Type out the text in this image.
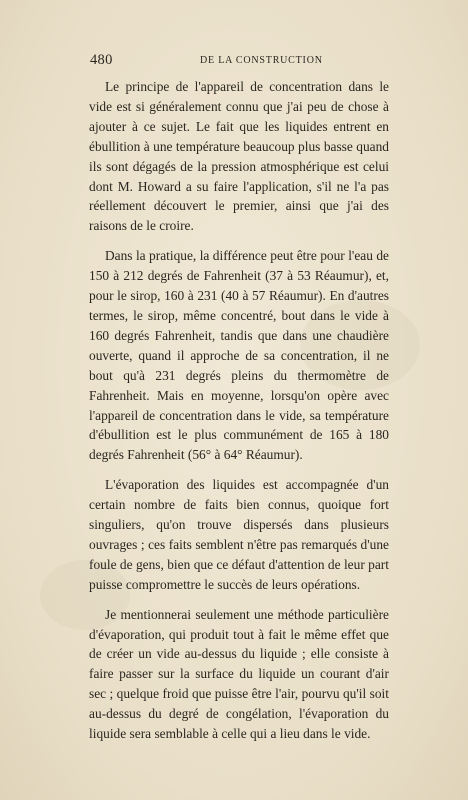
480	DE LA CONSTRUCTION

Le principe de l'appareil de concentration dans le vide est si généralement connu que j'ai peu de chose à ajouter à ce sujet. Le fait que les liquides entrent en ébullition à une température beaucoup plus basse quand ils sont dégagés de la pression atmosphérique est celui dont M. Howard a su faire l'application, s'il ne l'a pas réellement découvert le premier, ainsi que j'ai des raisons de le croire.

Dans la pratique, la différence peut être pour l'eau de 150 à 212 degrés de Fahrenheit (37 à 53 Réaumur), et, pour le sirop, 160 à 231 (40 à 57 Réaumur). En d'autres termes, le sirop, même concentré, bout dans le vide à 160 degrés Fahrenheit, tandis que dans une chaudière ouverte, quand il approche de sa concentration, il ne bout qu'à 231 degrés pleins du thermomètre de Fahrenheit. Mais en moyenne, lorsqu'on opère avec l'appareil de concentration dans le vide, sa température d'ébullition est le plus communément de 165 à 180 degrés Fahrenheit (56° à 64° Réaumur).

L'évaporation des liquides est accompagnée d'un certain nombre de faits bien connus, quoique fort singuliers, qu'on trouve dispersés dans plusieurs ouvrages ; ces faits semblent n'être pas remarqués d'une foule de gens, bien que ce défaut d'attention de leur part puisse compromettre le succès de leurs opérations.

Je mentionnerai seulement une méthode particulière d'évaporation, qui produit tout à fait le même effet que de créer un vide au-dessus du liquide ; elle consiste à faire passer sur la surface du liquide un courant d'air sec ; quelque froid que puisse être l'air, pourvu qu'il soit au-dessus du degré de congélation, l'évaporation du liquide sera semblable à celle qui a lieu dans le vide.
